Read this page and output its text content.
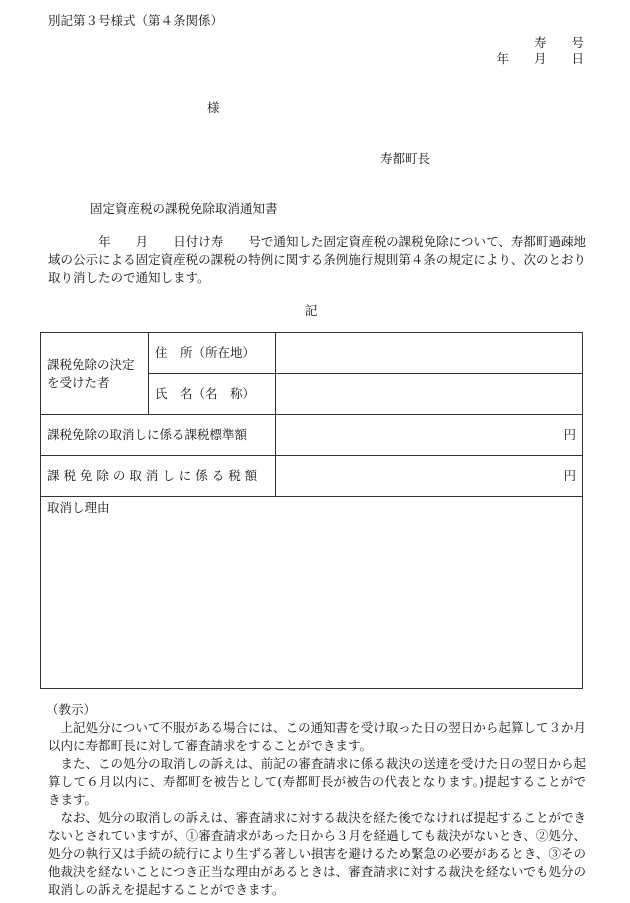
別記第３号様式（第４条関係）
寿　　号
年　　月　　日
様
寿都町長
固定資産税の課税免除取消通知書
　　　　年　　月　　日付け寿　　号で通知した固定資産税の課税免除について、寿都町過疎地域の公示による固定資産税の課税の特例に関する条例施行規則第４条の規定により、次のとおり取り消したので通知します。
記
課税免除の決定を受けた者	住　所（所在地）	
	氏　名（名　称）	
課税免除の取消しに係る課税標準額		円
課 税 免 除 の 取 消 し に 係 る 税 額		円
取消し理由		
（教示）
　上記処分について不服がある場合には、この通知書を受け取った日の翌日から起算して３か月以内に寿都町長に対して審査請求をすることができます。
　また、この処分の取消しの訴えは、前記の審査請求に係る裁決の送達を受けた日の翌日から起算して６月以内に、寿都町を被告として(寿都町長が被告の代表となります。)提起することができます。
　なお、処分の取消しの訴えは、審査請求に対する裁決を経た後でなければ提起することができないとされていますが、①審査請求があった日から３月を経過しても裁決がないとき、②処分、処分の執行又は手続の続行により生ずる著しい損害を避けるため緊急の必要があるとき、③その他裁決を経ないことにつき正当な理由があるときは、審査請求に対する裁決を経ないでも処分の取消しの訴えを提起することができます。
